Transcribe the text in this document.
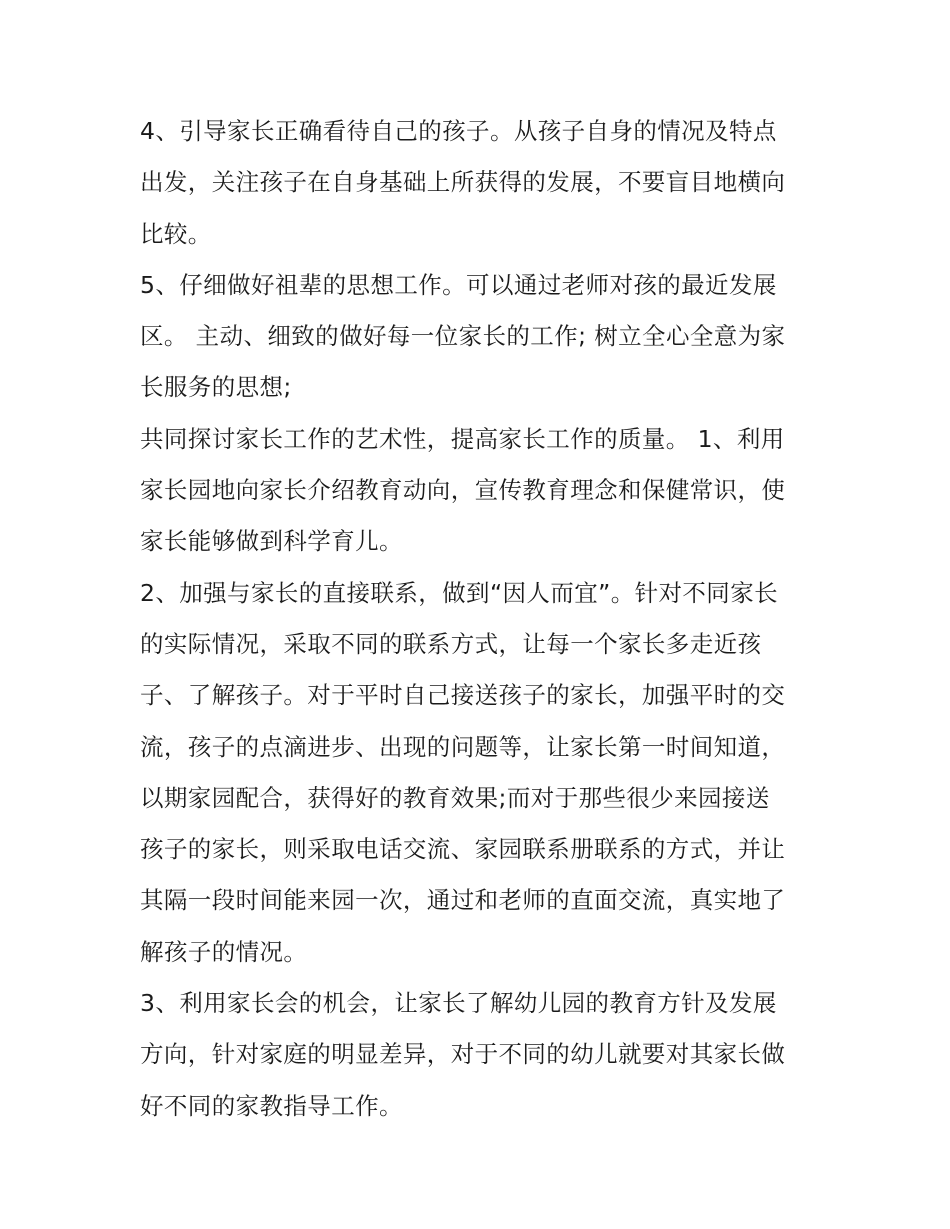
4、引导家长正确看待自己的孩子。从孩子自身的情况及特点
出发，关注孩子在自身基础上所获得的发展，不要盲目地横向
比较。
5、仔细做好祖辈的思想工作。可以通过老师对孩的最近发展
区。 主动、细致的做好每一位家长的工作; 树立全心全意为家
长服务的思想;
共同探讨家长工作的艺术性，提高家长工作的质量。 1、利用
家长园地向家长介绍教育动向，宣传教育理念和保健常识，使
家长能够做到科学育儿。
2、加强与家长的直接联系，做到“因人而宜”。针对不同家长
的实际情况，采取不同的联系方式，让每一个家长多走近孩
子、了解孩子。对于平时自己接送孩子的家长，加强平时的交
流，孩子的点滴进步、出现的问题等，让家长第一时间知道，
以期家园配合，获得好的教育效果;而对于那些很少来园接送
孩子的家长，则采取电话交流、家园联系册联系的方式，并让
其隔一段时间能来园一次，通过和老师的直面交流，真实地了
解孩子的情况。
3、利用家长会的机会，让家长了解幼儿园的教育方针及发展
方向，针对家庭的明显差异，对于不同的幼儿就要对其家长做
好不同的家教指导工作。
